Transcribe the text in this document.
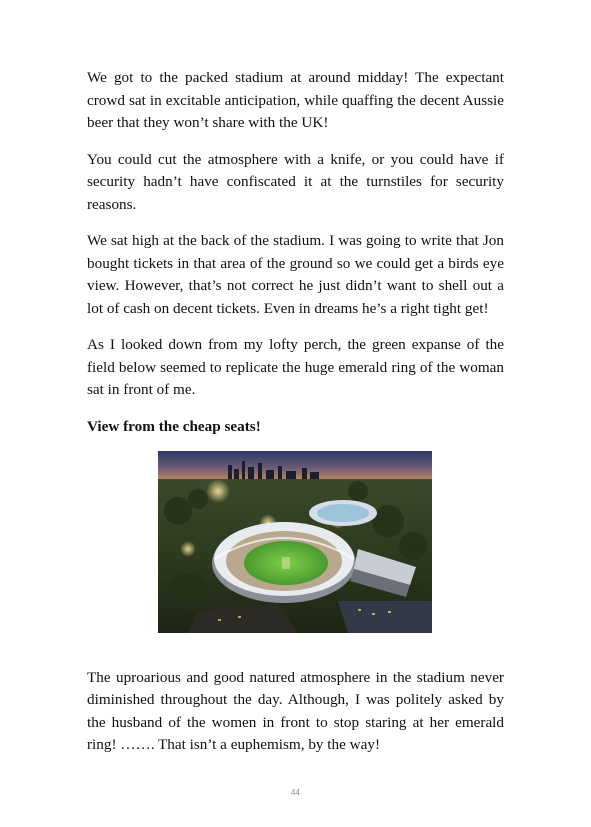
We got to the packed stadium at around midday! The expectant crowd sat in excitable anticipation, while quaffing the decent Aussie beer that they won’t share with the UK!

You could cut the atmosphere with a knife, or you could have if security hadn’t have confiscated it at the turnstiles for security reasons.

We sat high at the back of the stadium. I was going to write that Jon bought tickets in that area of the ground so we could get a birds eye view. However, that’s not correct he just didn’t want to shell out a lot of cash on decent tickets. Even in dreams he’s a right tight get!

As I looked down from my lofty perch, the green expanse of the field below seemed to replicate the huge emerald ring of the woman sat in front of me.

View from the cheap seats!

The uproarious and good natured atmosphere in the stadium never diminished throughout the day. Although, I was politely asked by the husband of the women in front to stop staring at her emerald ring! ……. That isn’t a euphemism, by the way!

44
